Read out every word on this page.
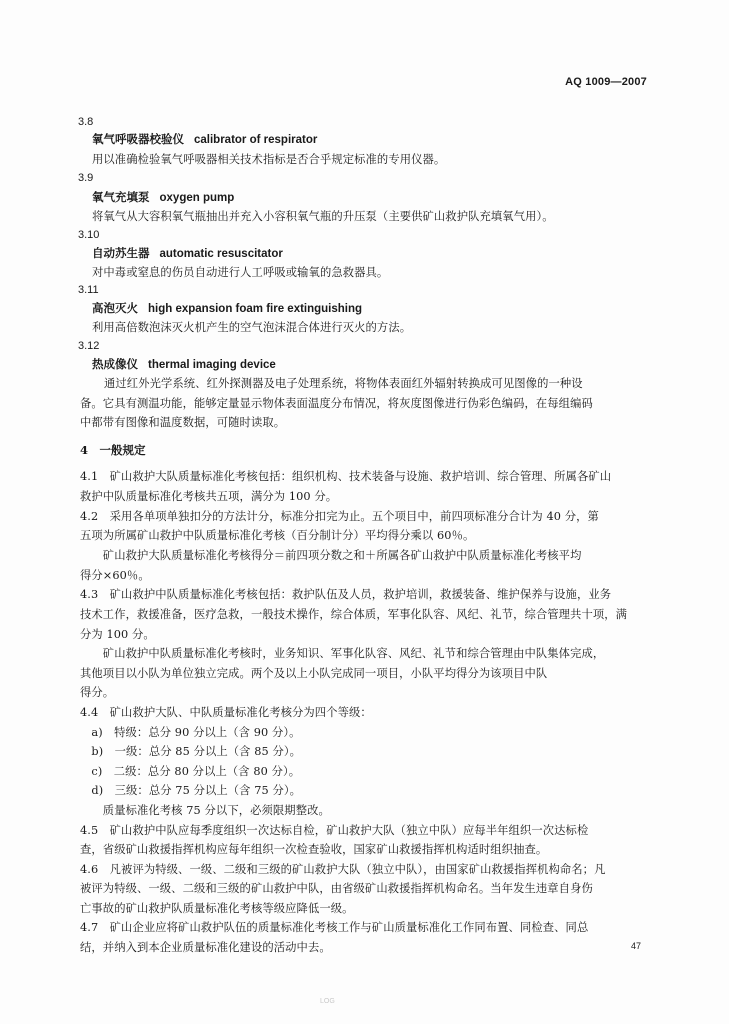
AQ 1009—2007
3.8
氧气呼吸器校验仪 calibrator of respirator
用以准确检验氧气呼吸器相关技术指标是否合乎规定标准的专用仪器。
3.9
氧气充填泵 oxygen pump
将氧气从大容积氧气瓶抽出并充入小容积氧气瓶的升压泵（主要供矿山救护队充填氧气用）。
3.10
自动苏生器 automatic resuscitator
对中毒或窒息的伤员自动进行人工呼吸或输氧的急救器具。
3.11
高泡灭火 high expansion foam fire extinguishing
利用高倍数泡沫灭火机产生的空气泡沫混合体进行灭火的方法。
3.12
热成像仪 thermal imaging device
通过红外光学系统、红外探测器及电子处理系统，将物体表面红外辐射转换成可见图像的一种设
备。它具有测温功能，能够定量显示物体表面温度分布情况，将灰度图像进行伪彩色编码，在每组编码
中都带有图像和温度数据，可随时读取。
4　一般规定
4.1　矿山救护大队质量标准化考核包括：组织机构、技术装备与设施、救护培训、综合管理、所属各矿山
救护中队质量标准化考核共五项，满分为 100 分。
4.2　采用各单项单独扣分的方法计分，标准分扣完为止。五个项目中，前四项标准分合计为 40 分，第
五项为所属矿山救护中队质量标准化考核（百分制计分）平均得分乘以 60％。
　　矿山救护大队质量标准化考核得分＝前四项分数之和＋所属各矿山救护中队质量标准化考核平均
得分×60％。
4.3　矿山救护中队质量标准化考核包括：救护队伍及人员，救护培训，救援装备、维护保养与设施，业务
技术工作，救援准备，医疗急救，一般技术操作，综合体质，军事化队容、风纪、礼节，综合管理共十项，满
分为 100 分。
　　矿山救护中队质量标准化考核时，业务知识、军事化队容、风纪、礼节和综合管理由中队集体完成，
其他项目以小队为单位独立完成。两个及以上小队完成同一项目，小队平均得分为该项目中队
得分。
4.4　矿山救护大队、中队质量标准化考核分为四个等级：
　a)　特级：总分 90 分以上（含 90 分）。
　b)　一级：总分 85 分以上（含 85 分）。
　c)　二级：总分 80 分以上（含 80 分）。
　d)　三级：总分 75 分以上（含 75 分）。
　　质量标准化考核 75 分以下，必须限期整改。
4.5　矿山救护中队应每季度组织一次达标自检，矿山救护大队（独立中队）应每半年组织一次达标检
查，省级矿山救援指挥机构应每年组织一次检查验收，国家矿山救援指挥机构适时组织抽查。
4.6　凡被评为特级、一级、二级和三级的矿山救护大队（独立中队），由国家矿山救援指挥机构命名；凡
被评为特级、一级、二级和三级的矿山救护中队，由省级矿山救援指挥机构命名。当年发生违章自身伤
亡事故的矿山救护队质量标准化考核等级应降低一级。
4.7　矿山企业应将矿山救护队伍的质量标准化考核工作与矿山质量标准化工作同布置、同检查、同总
结，并纳入到本企业质量标准化建设的活动中去。	47
LOG
